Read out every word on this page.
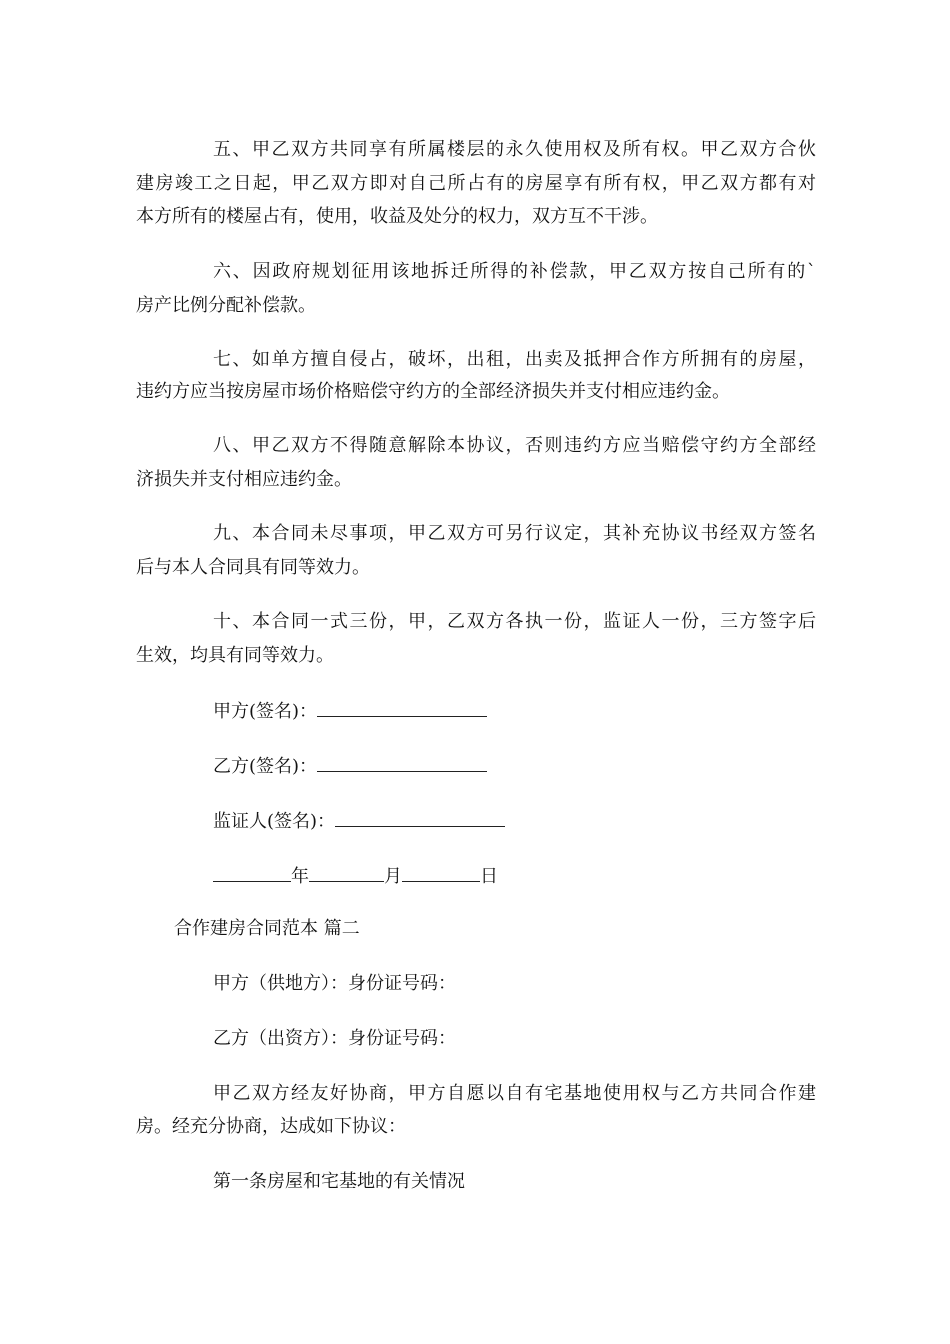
五、甲乙双方共同享有所属楼层的永久使用权及所有权。甲乙双方合伙
建房竣工之日起，甲乙双方即对自己所占有的房屋享有所有权，甲乙双方都有对
本方所有的楼屋占有，使用，收益及处分的权力，双方互不干涉。
六、因政府规划征用该地拆迁所得的补偿款，甲乙双方按自己所有的`
房产比例分配补偿款。
七、如单方擅自侵占，破坏，出租，出卖及抵押合作方所拥有的房屋，
违约方应当按房屋市场价格赔偿守约方的全部经济损失并支付相应违约金。
八、甲乙双方不得随意解除本协议，否则违约方应当赔偿守约方全部经
济损失并支付相应违约金。
九、本合同未尽事项，甲乙双方可另行议定，其补充协议书经双方签名
后与本人合同具有同等效力。
十、本合同一式三份，甲，乙双方各执一份，监证人一份，三方签字后
生效，均具有同等效力。
甲方(签名)：
乙方(签名)：
监证人(签名)：
年	月	日
合作建房合同范本 篇二
甲方（供地方）：身份证号码：
乙方（出资方）：身份证号码：
甲乙双方经友好协商，甲方自愿以自有宅基地使用权与乙方共同合作建
房。经充分协商，达成如下协议：
第一条房屋和宅基地的有关情况
